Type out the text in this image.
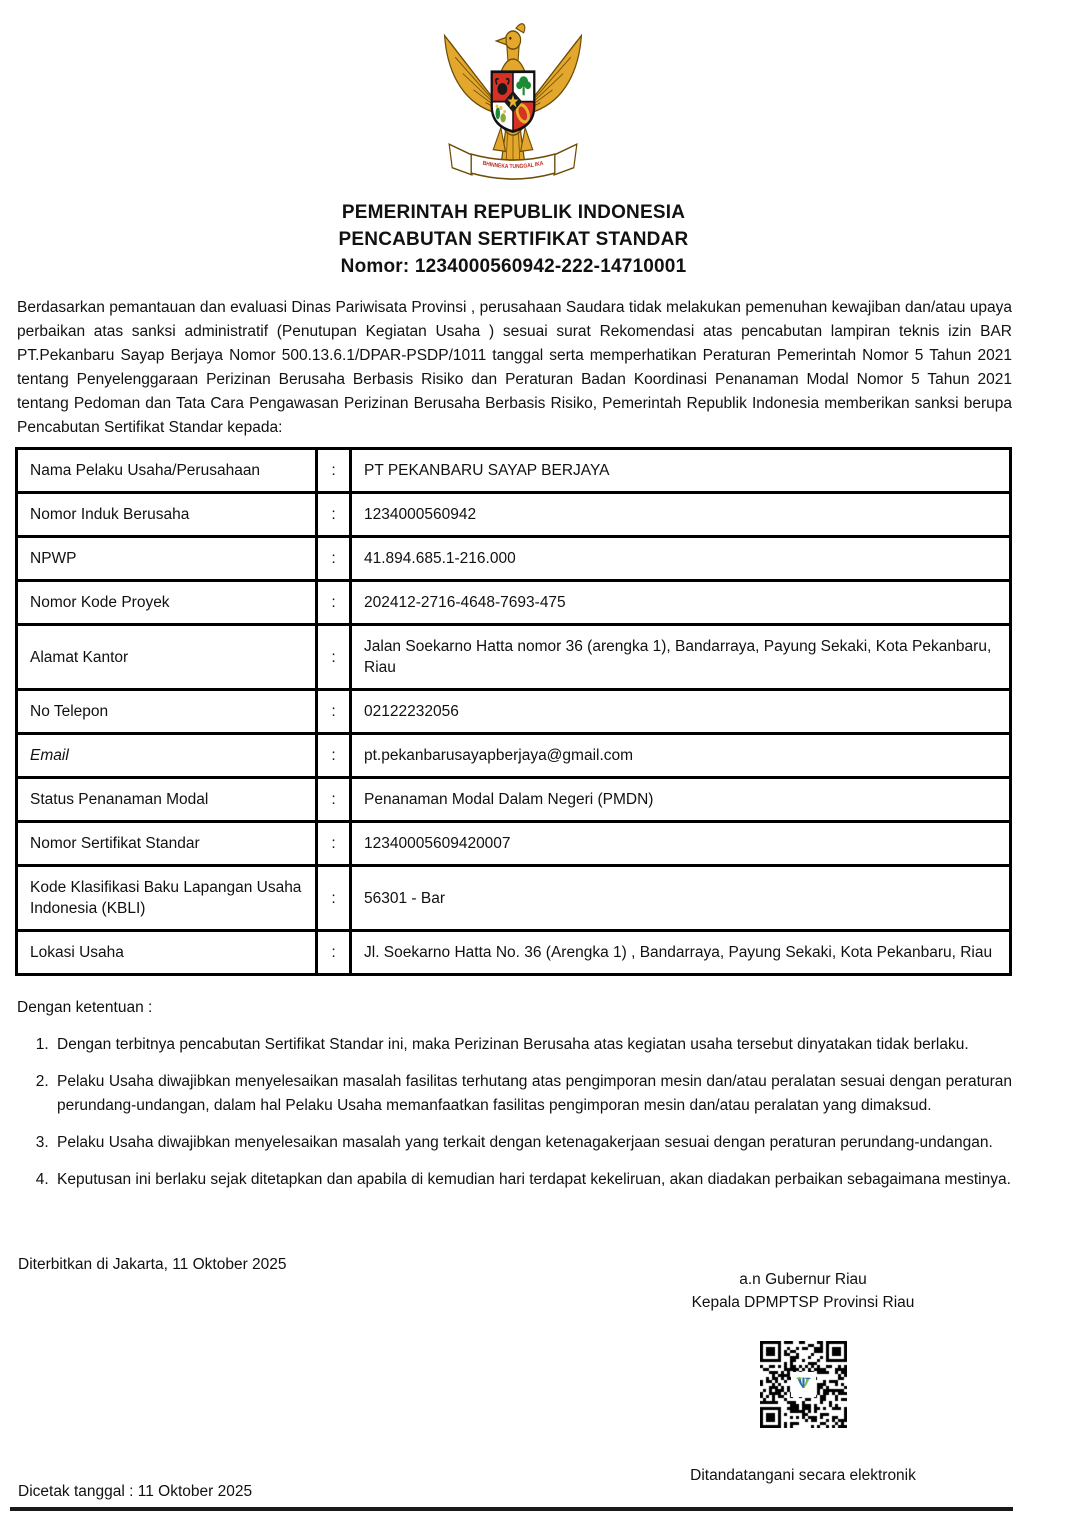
BHINNEKA TUNGGAL IKA
PEMERINTAH REPUBLIK INDONESIA
PENCABUTAN SERTIFIKAT STANDAR
Nomor: 1234000560942-222-14710001

Berdasarkan pemantauan dan evaluasi Dinas Pariwisata Provinsi , perusahaan Saudara tidak melakukan pemenuhan kewajiban dan/atau upaya perbaikan atas sanksi administratif (Penutupan Kegiatan Usaha ) sesuai surat Rekomendasi atas pencabutan lampiran teknis izin BAR PT.Pekanbaru Sayap Berjaya Nomor 500.13.6.1/DPAR-PSDP/1011 tanggal serta memperhatikan Peraturan Pemerintah Nomor 5 Tahun 2021 tentang Penyelenggaraan Perizinan Berusaha Berbasis Risiko dan Peraturan Badan Koordinasi Penanaman Modal Nomor 5 Tahun 2021 tentang Pedoman dan Tata Cara Pengawasan Perizinan Berusaha Berbasis Risiko, Pemerintah Republik Indonesia memberikan sanksi berupa Pencabutan Sertifikat Standar kepada:

Nama Pelaku Usaha/Perusahaan	:	PT PEKANBARU SAYAP BERJAYA
Nomor Induk Berusaha	:	1234000560942
NPWP	:	41.894.685.1-216.000
Nomor Kode Proyek	:	202412-2716-4648-7693-475
Alamat Kantor	:	Jalan Soekarno Hatta nomor 36 (arengka 1), Bandarraya, Payung Sekaki, Kota Pekanbaru, Riau
No Telepon	:	02122232056
Email	:	pt.pekanbarusayapberjaya@gmail.com
Status Penanaman Modal	:	Penanaman Modal Dalam Negeri (PMDN)
Nomor Sertifikat Standar	:	12340005609420007
Kode Klasifikasi Baku Lapangan Usaha Indonesia (KBLI)	:	56301 - Bar
Lokasi Usaha	:	Jl. Soekarno Hatta No. 36 (Arengka 1) , Bandarraya, Payung Sekaki, Kota Pekanbaru, Riau
Dengan ketentuan :
1. Dengan terbitnya pencabutan Sertifikat Standar ini, maka Perizinan Berusaha atas kegiatan usaha tersebut dinyatakan tidak berlaku.
2. Pelaku Usaha diwajibkan menyelesaikan masalah fasilitas terhutang atas pengimporan mesin dan/atau peralatan sesuai dengan peraturan perundang-undangan, dalam hal Pelaku Usaha memanfaatkan fasilitas pengimporan mesin dan/atau peralatan yang dimaksud.
3. Pelaku Usaha diwajibkan menyelesaikan masalah yang terkait dengan ketenagakerjaan sesuai dengan peraturan perundang-undangan.
4. Keputusan ini berlaku sejak ditetapkan dan apabila di kemudian hari terdapat kekeliruan, akan diadakan perbaikan sebagaimana mestinya.
Diterbitkan di Jakarta, 11 Oktober 2025
a.n Gubernur Riau
Kepala DPMPTSP Provinsi Riau
Ditandatangani secara elektronik
Dicetak tanggal : 11 Oktober 2025
